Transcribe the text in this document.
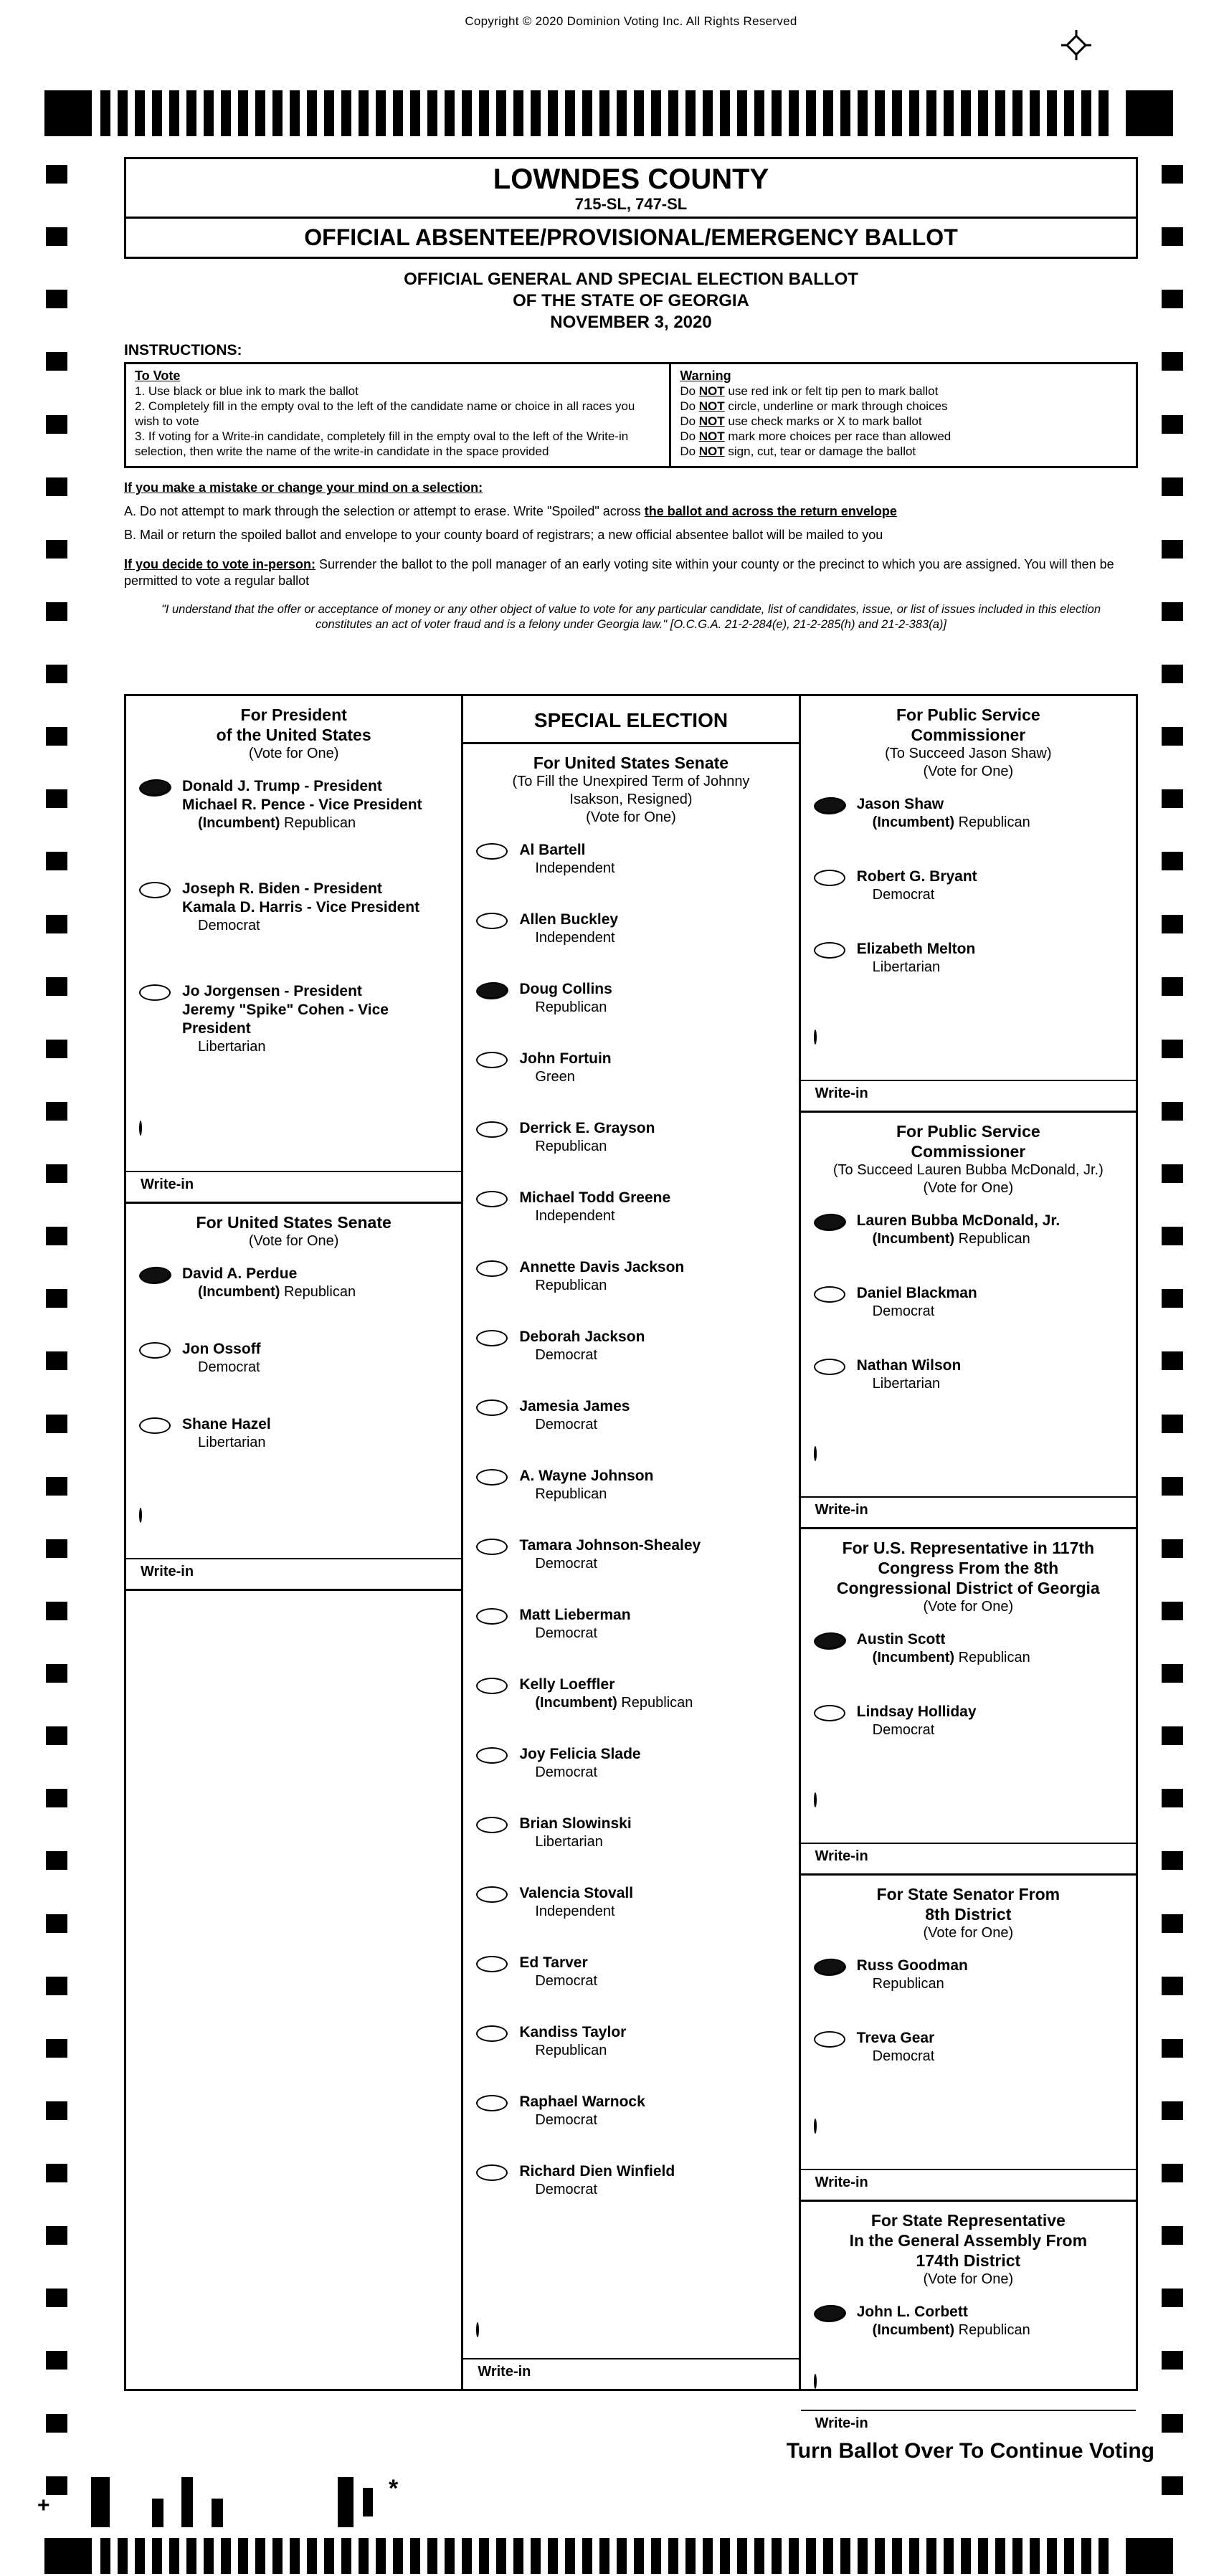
Copyright © 2020 Dominion Voting Inc. All Rights Reserved
LOWNDES COUNTY
715-SL, 747-SL
OFFICIAL ABSENTEE/PROVISIONAL/EMERGENCY BALLOT
OFFICIAL GENERAL AND SPECIAL ELECTION BALLOT
OF THE STATE OF GEORGIA
NOVEMBER 3, 2020
INSTRUCTIONS:

To Vote

1. Use black or blue ink to mark the ballot

2. Completely fill in the empty oval to the left of the candidate name or choice in all races you wish to vote

3. If voting for a Write-in candidate, completely fill in the empty oval to the left of the Write-in selection, then write the name of the write-in candidate in the space provided

Warning

Do NOT use red ink or felt tip pen to mark ballot

Do NOT circle, underline or mark through choices

Do NOT use check marks or X to mark ballot

Do NOT mark more choices per race than allowed

Do NOT sign, cut, tear or damage the ballot

If you make a mistake or change your mind on a selection:

A. Do not attempt to mark through the selection or attempt to erase. Write "Spoiled" across the ballot and across the return envelope

B. Mail or return the spoiled ballot and envelope to your county board of registrars; a new official absentee ballot will be mailed to you

If you decide to vote in-person: Surrender the ballot to the poll manager of an early voting site within your county or the precinct to which you are assigned. You will then be permitted to vote a regular ballot

"I understand that the offer or acceptance of money or any other object of value to vote for any particular candidate, list of candidates, issue, or list of issues included in this election constitutes an act of voter fraud and is a felony under Georgia law." [O.C.G.A. 21-2-284(e), 21-2-285(h) and 21-2-383(a)]

For President
of the United States
(Vote for One)
Donald J. Trump - President
Michael R. Pence - Vice President
(Incumbent) Republican
Joseph R. Biden - President
Kamala D. Harris - Vice President
Democrat
Jo Jorgensen - President
Jeremy "Spike" Cohen - Vice President
Libertarian
Write-in
For United States Senate
(Vote for One)
David A. Perdue
(Incumbent) Republican
Jon Ossoff
Democrat
Shane Hazel
Libertarian
Write-in
SPECIAL ELECTION
For United States Senate
(To Fill the Unexpired Term of Johnny
Isakson, Resigned)
(Vote for One)
Al Bartell
Independent
Allen Buckley
Independent
Doug Collins
Republican
John Fortuin
Green
Derrick E. Grayson
Republican
Michael Todd Greene
Independent
Annette Davis Jackson
Republican
Deborah Jackson
Democrat
Jamesia James
Democrat
A. Wayne Johnson
Republican
Tamara Johnson-Shealey
Democrat
Matt Lieberman
Democrat
Kelly Loeffler
(Incumbent) Republican
Joy Felicia Slade
Democrat
Brian Slowinski
Libertarian
Valencia Stovall
Independent
Ed Tarver
Democrat
Kandiss Taylor
Republican
Raphael Warnock
Democrat
Richard Dien Winfield
Democrat
Write-in
For Public Service
Commissioner
(To Succeed Jason Shaw)
(Vote for One)
Jason Shaw
(Incumbent) Republican
Robert G. Bryant
Democrat
Elizabeth Melton
Libertarian
Write-in
For Public Service
Commissioner
(To Succeed Lauren Bubba McDonald, Jr.)
(Vote for One)
Lauren Bubba McDonald, Jr.
(Incumbent) Republican
Daniel Blackman
Democrat
Nathan Wilson
Libertarian
Write-in
For U.S. Representative in 117th
Congress From the 8th
Congressional District of Georgia
(Vote for One)
Austin Scott
(Incumbent) Republican
Lindsay Holliday
Democrat
Write-in
For State Senator From
8th District
(Vote for One)
Russ Goodman
Republican
Treva Gear
Democrat
Write-in
For State Representative
In the General Assembly From
174th District
(Vote for One)
John L. Corbett
(Incumbent) Republican
Write-in
Turn Ballot Over To Continue Voting
+
*
